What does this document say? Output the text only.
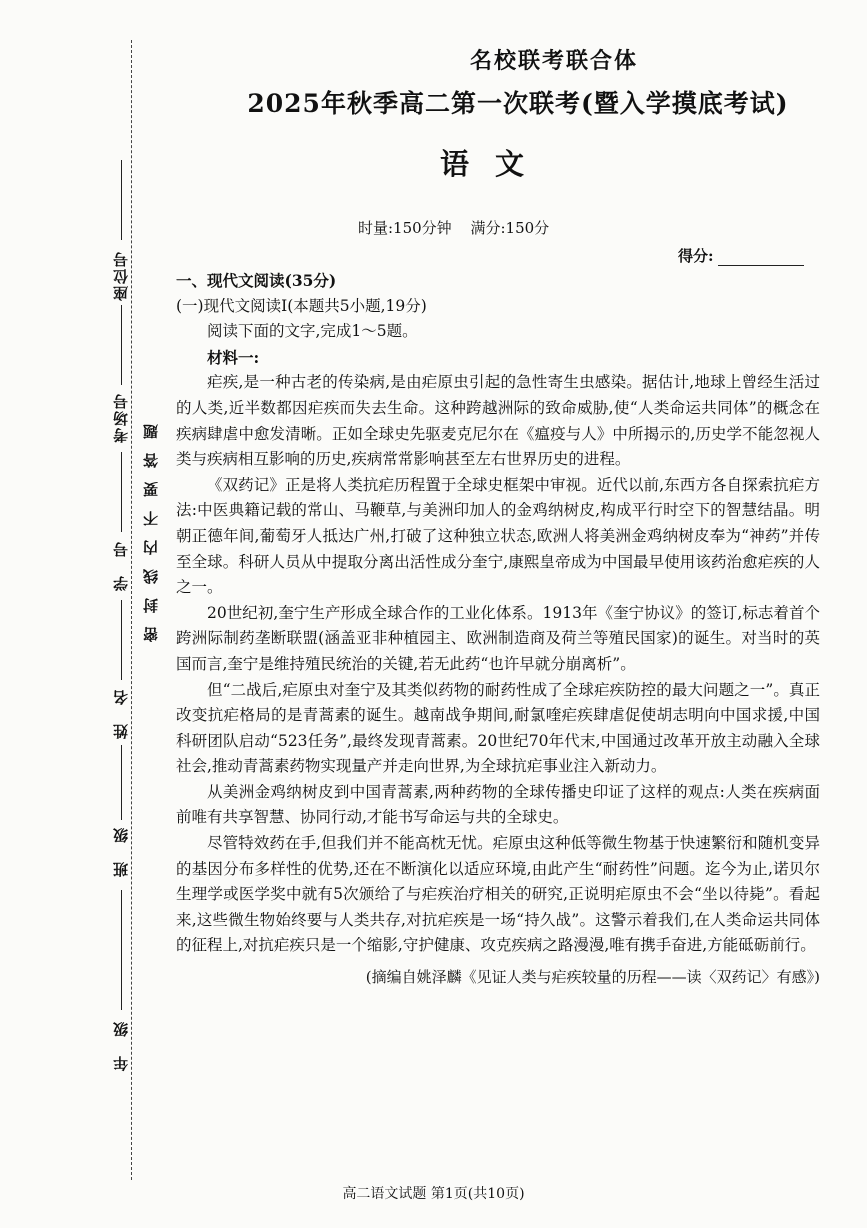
座位号
考场号
学　号
姓　名
班　级
年　级
密封线内不要答题
名校联考联合体
2025年秋季高二第一次联考(暨入学摸底考试)
语文
时量:150分钟 满分:150分
得分:

一、现代文阅读(35分)

(一)现代文阅读Ⅰ(本题共5小题,19分)

阅读下面的文字,完成1～5题。

材料一:

疟疾,是一种古老的传染病,是由疟原虫引起的急性寄生虫感染。据估计,地球上曾经生活过的人类,近半数都因疟疾而失去生命。这种跨越洲际的致命威胁,使“人类命运共同体”的概念在疾病肆虐中愈发清晰。正如全球史先驱麦克尼尔在《瘟疫与人》中所揭示的,历史学不能忽视人类与疾病相互影响的历史,疾病常常影响甚至左右世界历史的进程。

《双药记》正是将人类抗疟历程置于全球史框架中审视。近代以前,东西方各自探索抗疟方法:中医典籍记载的常山、马鞭草,与美洲印加人的金鸡纳树皮,构成平行时空下的智慧结晶。明朝正德年间,葡萄牙人抵达广州,打破了这种独立状态,欧洲人将美洲金鸡纳树皮奉为“神药”并传至全球。科研人员从中提取分离出活性成分奎宁,康熙皇帝成为中国最早使用该药治愈疟疾的人之一。

20世纪初,奎宁生产形成全球合作的工业化体系。1913年《奎宁协议》的签订,标志着首个跨洲际制药垄断联盟(涵盖亚非种植园主、欧洲制造商及荷兰等殖民国家)的诞生。对当时的英国而言,奎宁是维持殖民统治的关键,若无此药“也许早就分崩离析”。

但“二战后,疟原虫对奎宁及其类似药物的耐药性成了全球疟疾防控的最大问题之一”。真正改变抗疟格局的是青蒿素的诞生。越南战争期间,耐氯喹疟疾肆虐促使胡志明向中国求援,中国科研团队启动“523任务”,最终发现青蒿素。20世纪70年代末,中国通过改革开放主动融入全球社会,推动青蒿素药物实现量产并走向世界,为全球抗疟事业注入新动力。

从美洲金鸡纳树皮到中国青蒿素,两种药物的全球传播史印证了这样的观点:人类在疾病面前唯有共享智慧、协同行动,才能书写命运与共的全球史。

尽管特效药在手,但我们并不能高枕无忧。疟原虫这种低等微生物基于快速繁衍和随机变异的基因分布多样性的优势,还在不断演化以适应环境,由此产生“耐药性”问题。迄今为止,诺贝尔生理学或医学奖中就有5次颁给了与疟疾治疗相关的研究,正说明疟原虫不会“坐以待毙”。看起来,这些微生物始终要与人类共存,对抗疟疾是一场“持久战”。这警示着我们,在人类命运共同体的征程上,对抗疟疾只是一个缩影,守护健康、攻克疾病之路漫漫,唯有携手奋进,方能砥砺前行。

(摘编自姚泽麟《见证人类与疟疾较量的历程——读〈双药记〉有感》)

高二语文试题 第1页(共10页)
